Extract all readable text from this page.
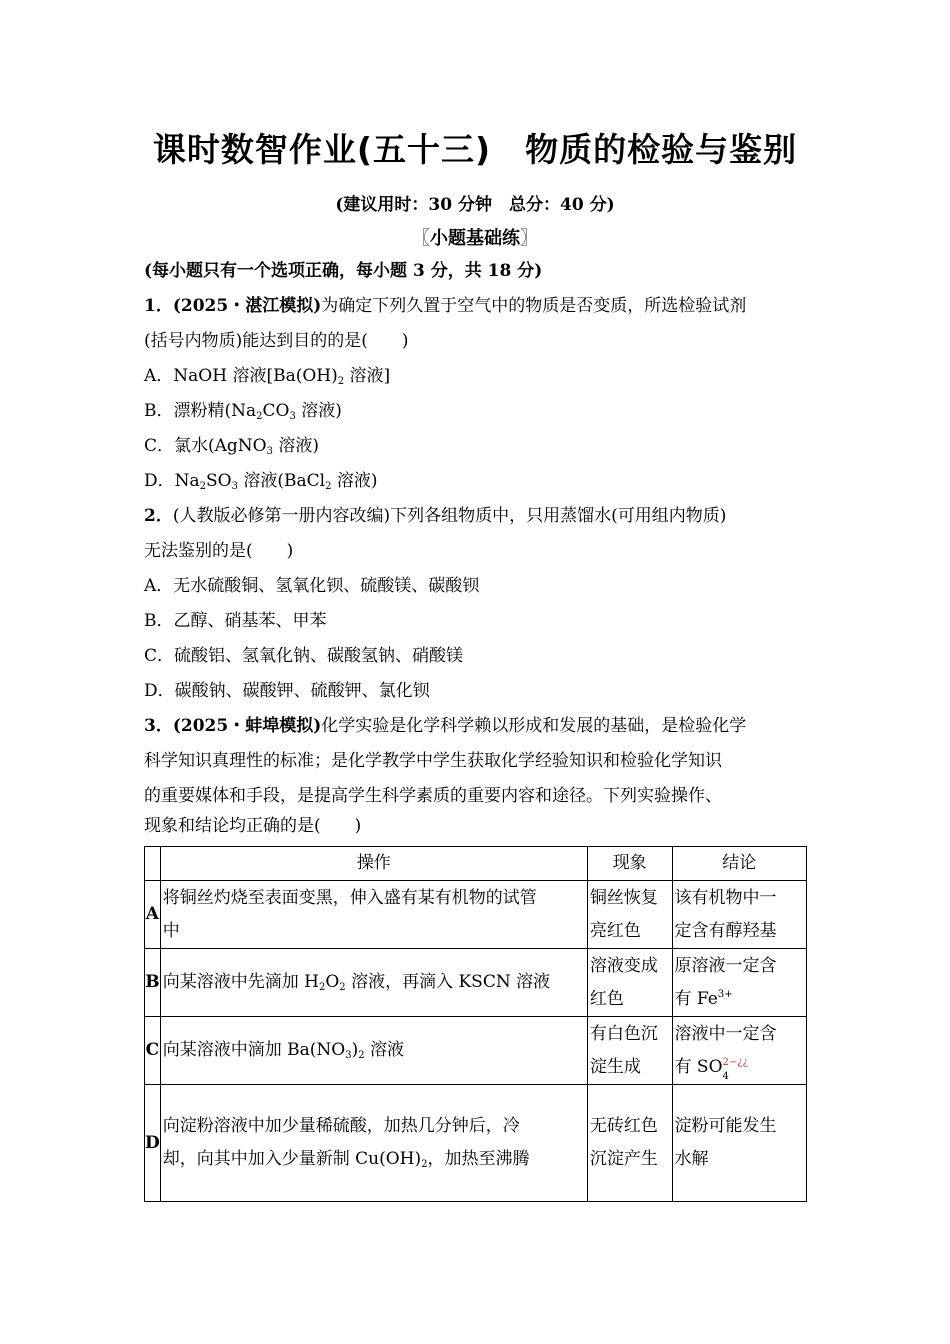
课时数智作业(五十三)　物质的检验与鉴别
(建议用时：30 分钟　总分：40 分)
〖小题基础练〗
(每小题只有一个选项正确，每小题 3 分，共 18 分)
1．(2025・湛江模拟)为确定下列久置于空气中的物质是否变质，所选检验试剂
(括号内物质)能达到目的的是(　　)
A．NaOH 溶液[$Ba(OH)_2$ 溶液]
B．漂粉精($Na_2CO_3$ 溶液)
C．氯水(AgNO$_3$ 溶液)
D．$Na_2SO_3$ 溶液(BaCl$_2$ 溶液)
2．(人教版必修第一册内容改编)下列各组物质中，只用蒸馏水(可用组内物质)
无法鉴别的是(　　)
A．无水硫酸铜、氢氧化钡、硫酸镁、碳酸钡
B．乙醇、硝基苯、甲苯
C．硫酸铝、氢氧化钠、碳酸氢钠、硝酸镁
D．碳酸钠、碳酸钾、硫酸钾、氯化钡
3．(2025・蚌埠模拟)化学实验是化学科学赖以形成和发展的基础，是检验化学
科学知识真理性的标准；是化学教学中学生获取化学经验知识和检验化学知识
的重要媒体和手段，是提高学生科学素质的重要内容和途径。下列实验操作、
现象和结论均正确的是(　　)
	操作	现象	结论
A	将铜丝灼烧至表面变黑，伸入盛有某有机物的试管
中	铜丝恢复
亮红色	该有机物中一
定含有醇羟基
B	向某溶液中先滴加 $H_2O_2$ 溶液，再滴入 KSCN 溶液	溶液变成
红色	原溶液一定含
有 $Fe^{3+}$
C	向某溶液中滴加 $Ba(NO_3)_2$ 溶液	有白色沉
淀生成	溶液中一定含
有 SO 2−¿¿
4

D	向淀粉溶液中加少量稀硫酸，加热几分钟后，冷
却，向其中加入少量新制 $Cu(OH)_2$，加热至沸腾	无砖红色
沉淀产生	淀粉可能发生
水解
